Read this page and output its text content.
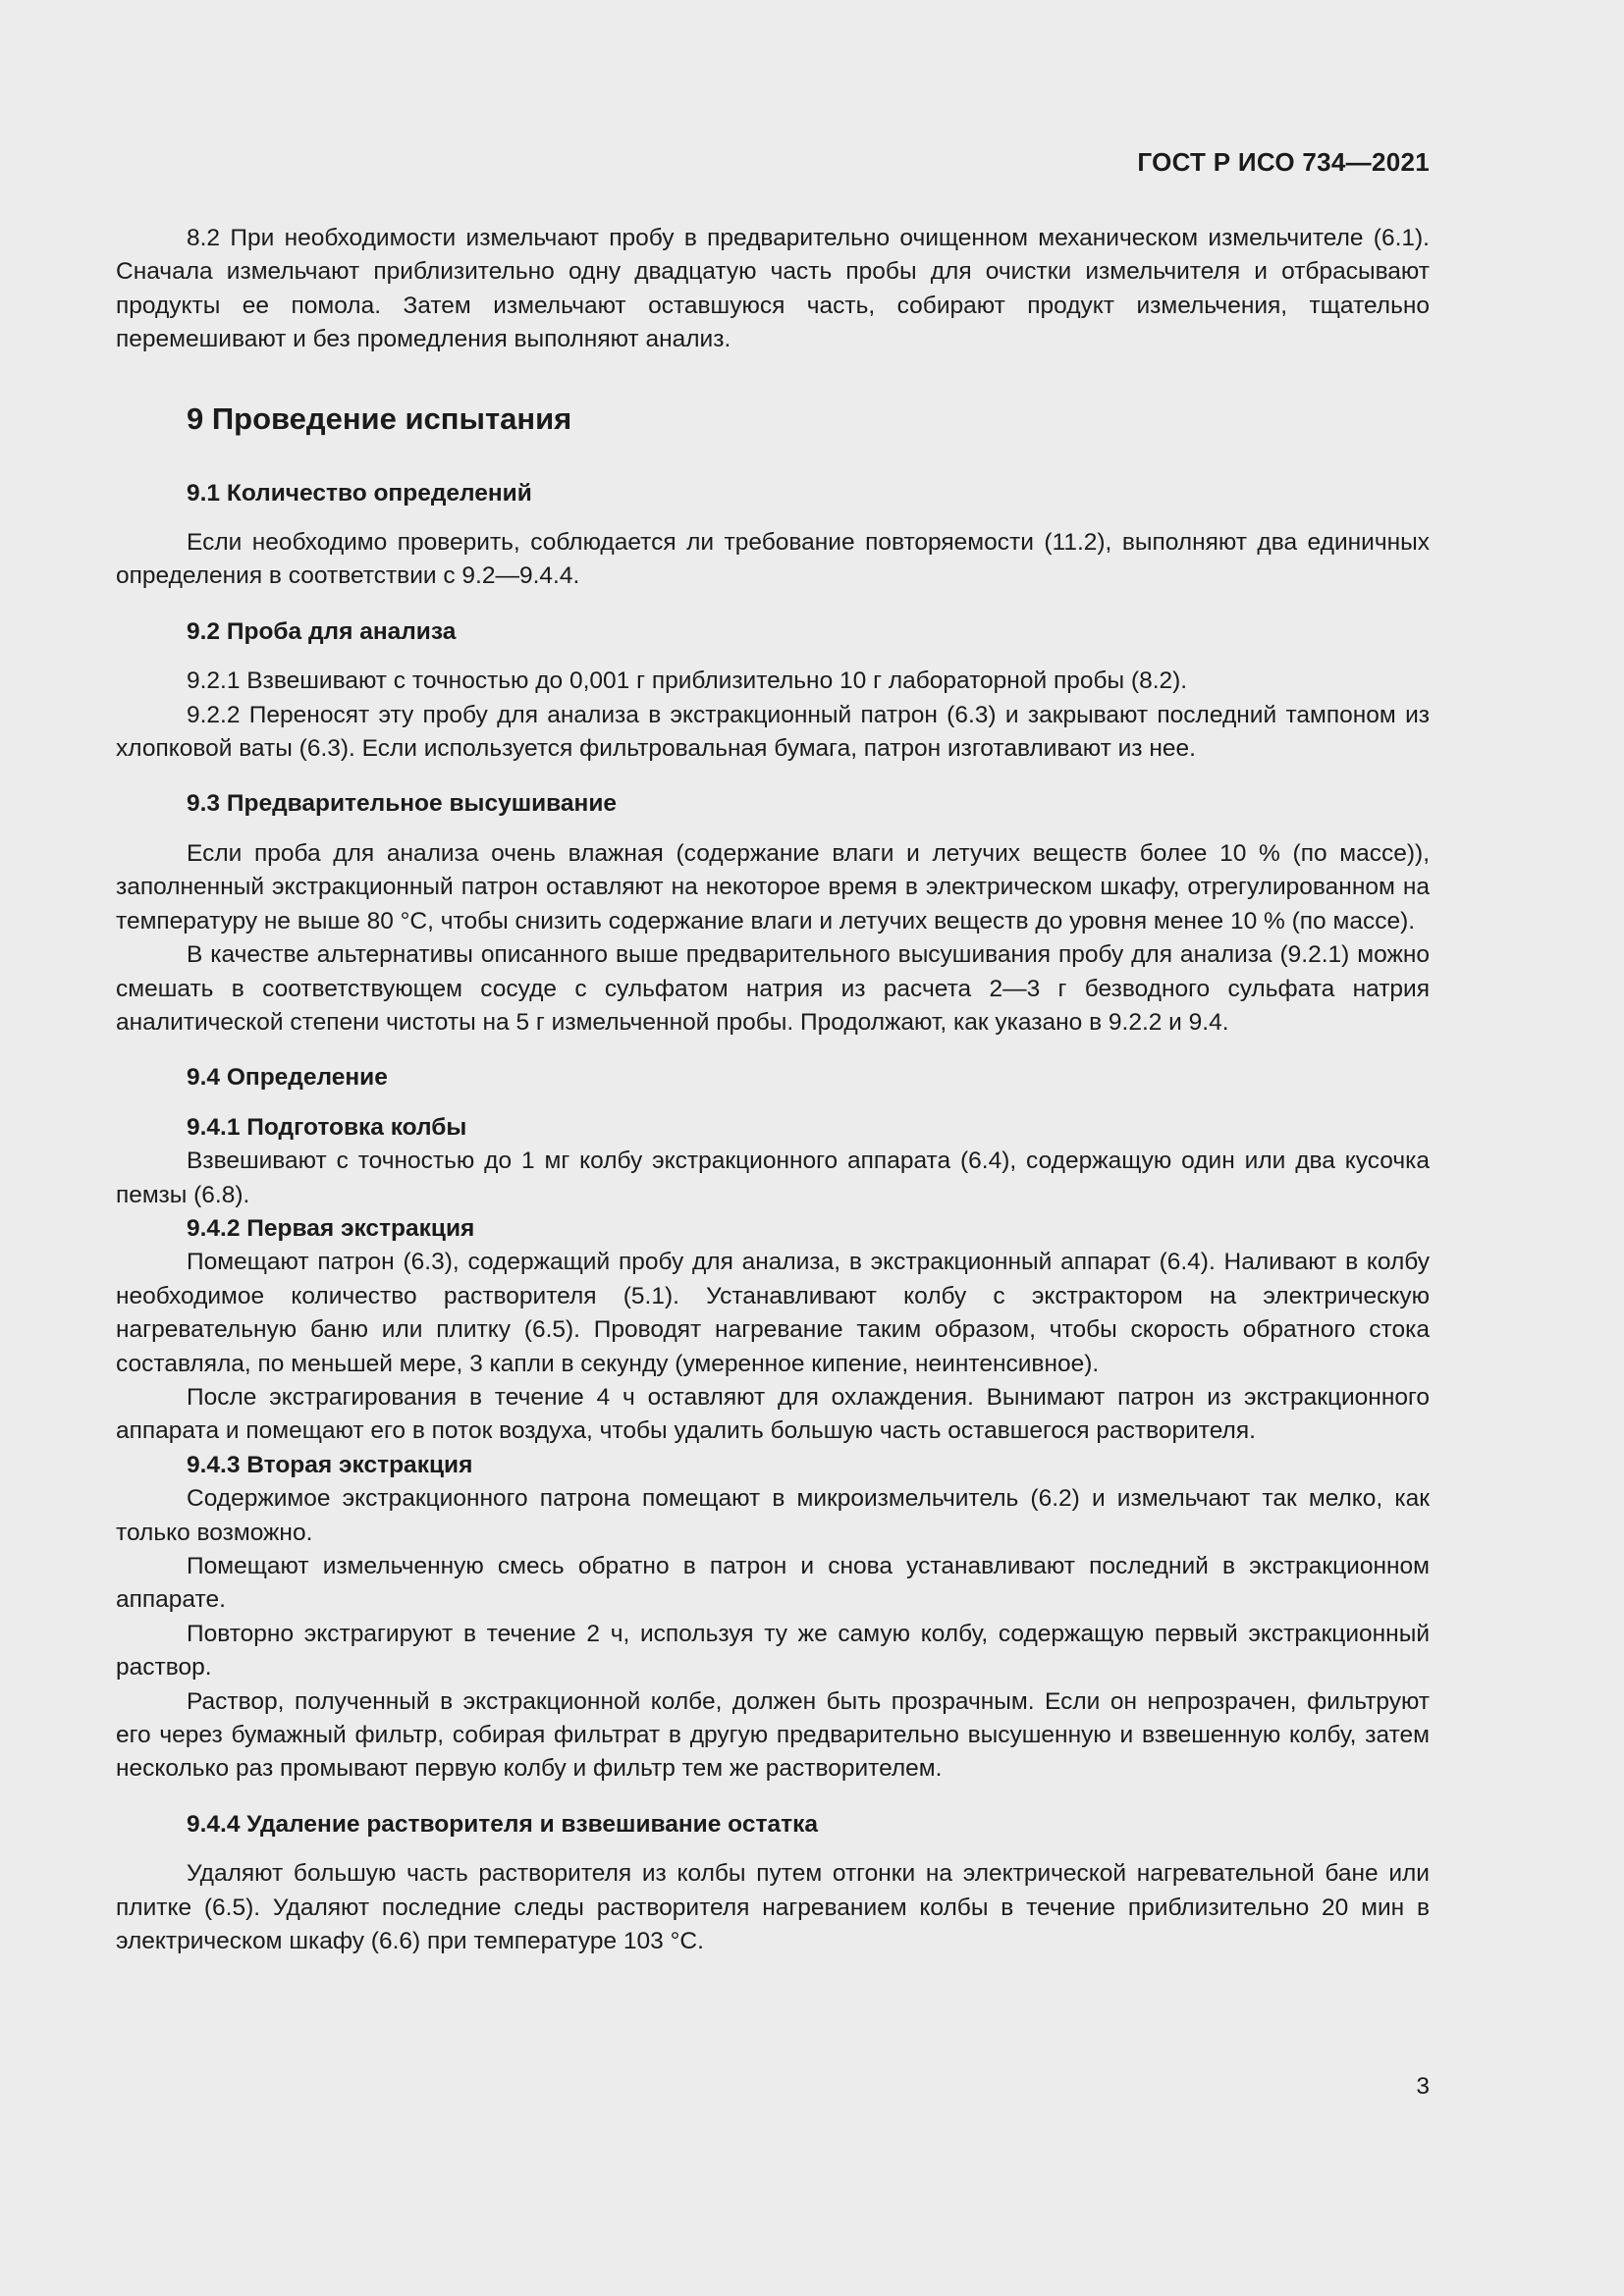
ГОСТ Р ИСО 734—2021

8.2 При необходимости измельчают пробу в предварительно очищенном механическом измельчителе (6.1). Сначала измельчают приблизительно одну двадцатую часть пробы для очистки измельчителя и отбрасывают продукты ее помола. Затем измельчают оставшуюся часть, собирают продукт измельчения, тщательно перемешивают и без промедления выполняют анализ.

9 Проведение испытания
9.1 Количество определений

Если необходимо проверить, соблюдается ли требование повторяемости (11.2), выполняют два единичных определения в соответствии с 9.2—9.4.4.

9.2 Проба для анализа

9.2.1 Взвешивают с точностью до 0,001 г приблизительно 10 г лабораторной пробы (8.2).

9.2.2 Переносят эту пробу для анализа в экстракционный патрон (6.3) и закрывают последний тампоном из хлопковой ваты (6.3). Если используется фильтровальная бумага, патрон изготавливают из нее.

9.3 Предварительное высушивание

Если проба для анализа очень влажная (содержание влаги и летучих веществ более 10 % (по массе)), заполненный экстракционный патрон оставляют на некоторое время в электрическом шкафу, отрегулированном на температуру не выше 80 °С, чтобы снизить содержание влаги и летучих веществ до уровня менее 10 % (по массе).

В качестве альтернативы описанного выше предварительного высушивания пробу для анализа (9.2.1) можно смешать в соответствующем сосуде с сульфатом натрия из расчета 2—3 г безводного сульфата натрия аналитической степени чистоты на 5 г измельченной пробы. Продолжают, как указано в 9.2.2 и 9.4.

9.4 Определение
9.4.1 Подготовка колбы

Взвешивают с точностью до 1 мг колбу экстракционного аппарата (6.4), содержащую один или два кусочка пемзы (6.8).

9.4.2 Первая экстракция

Помещают патрон (6.3), содержащий пробу для анализа, в экстракционный аппарат (6.4). Наливают в колбу необходимое количество растворителя (5.1). Устанавливают колбу с экстрактором на электрическую нагревательную баню или плитку (6.5). Проводят нагревание таким образом, чтобы скорость обратного стока составляла, по меньшей мере, 3 капли в секунду (умеренное кипение, неинтенсивное).

После экстрагирования в течение 4 ч оставляют для охлаждения. Вынимают патрон из экстракционного аппарата и помещают его в поток воздуха, чтобы удалить большую часть оставшегося растворителя.

9.4.3 Вторая экстракция

Содержимое экстракционного патрона помещают в микроизмельчитель (6.2) и измельчают так мелко, как только возможно.

Помещают измельченную смесь обратно в патрон и снова устанавливают последний в экстракционном аппарате.

Повторно экстрагируют в течение 2 ч, используя ту же самую колбу, содержащую первый экстракционный раствор.

Раствор, полученный в экстракционной колбе, должен быть прозрачным. Если он непрозрачен, фильтруют его через бумажный фильтр, собирая фильтрат в другую предварительно высушенную и взвешенную колбу, затем несколько раз промывают первую колбу и фильтр тем же растворителем.

9.4.4 Удаление растворителя и взвешивание остатка

Удаляют большую часть растворителя из колбы путем отгонки на электрической нагревательной бане или плитке (6.5). Удаляют последние следы растворителя нагреванием колбы в течение приблизительно 20 мин в электрическом шкафу (6.6) при температуре 103 °С.

3
